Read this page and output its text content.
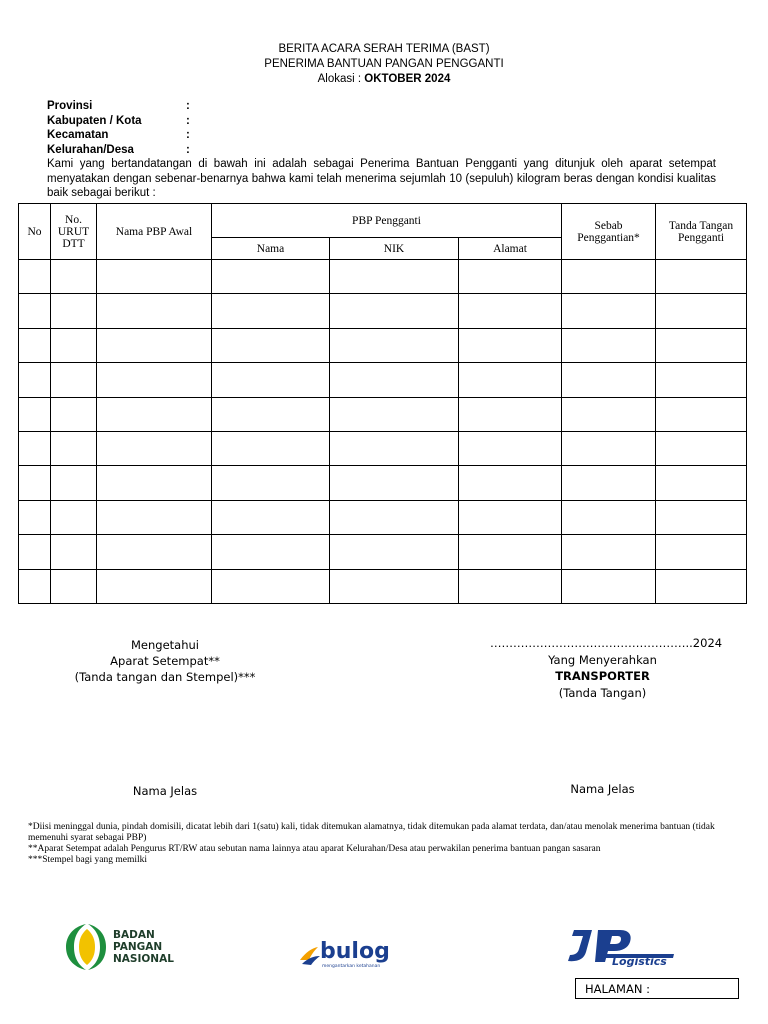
BERITA ACARA SERAH TERIMA (BAST)
PENERIMA BANTUAN PANGAN PENGGANTI
Alokasi : OKTOBER 2024
Provinsi	:
Kabupaten / Kota	:
Kecamatan	:
Kelurahan/Desa	:
Kami yang bertandatangan di bawah ini adalah sebagai Penerima Bantuan Pengganti yang ditunjuk oleh aparat setempat menyatakan dengan sebenar-benarnya bahwa kami telah menerima sejumlah 10 (sepuluh) kilogram beras dengan kondisi kualitas baik sebagai berikut :
No	No. URUT DTT	Nama PBP Awal	PBP Pengganti			Sebab Penggantian*	Tanda Tangan Pengganti
			Nama	NIK	Alamat		

Mengetahui
Aparat Setempat**
(Tanda tangan dan Stempel)***
……………………………………………..2024
Yang Menyerahkan
TRANSPORTER
(Tanda Tangan)
Nama Jelas	Nama Jelas
*Diisi meninggal dunia, pindah domisili, dicatat lebih dari 1(satu) kali, tidak ditemukan alamatnya, tidak ditemukan pada alamat terdata, dan/atau menolak menerima bantuan (tidak memenuhi syarat sebagai PBP)
**Aparat Setempat adalah Pengurus RT/RW atau sebutan nama lainnya atau aparat Kelurahan/Desa atau perwakilan penerima bantuan pangan sasaran
***Stempel bagi yang memilki
BADAN
PANGAN
NASIONAL	bulog
mengantarkan ketahanan	Logistics
HALAMAN :
